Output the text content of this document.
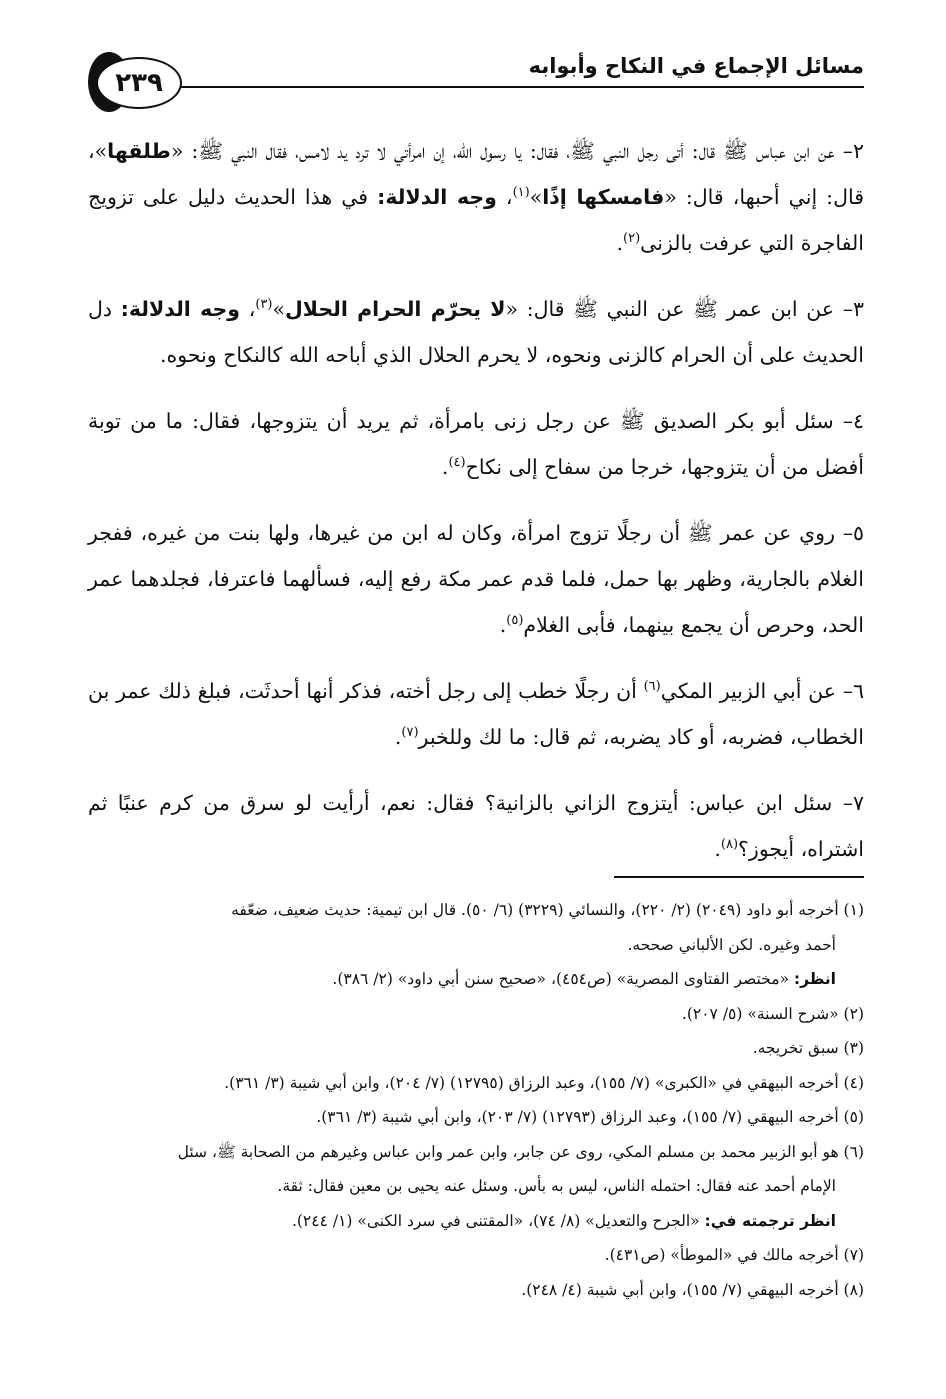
مسائل الإجماع في النكاح وأبوابه
٢٣٩

٢– عن ابن عباس ﷺ قال: أتى رجل النبي ﷺ، فقال: يا رسول الله، إن امرأتي لا ترد يد لامس، فقال النبي ﷺ: «طلقها»، قال: إني أحبها، قال: «فامسكها إذًا»$^{(١)}$، وجه الدلالة: في هذا الحديث دليل على تزويج الفاجرة التي عرفت بالزنى$^{(٢)}$.

٣– عن ابن عمر ﷺ عن النبي ﷺ قال: «لا يحرّم الحرام الحلال»$^{(٣)}$، وجه الدلالة: دل الحديث على أن الحرام كالزنى ونحوه، لا يحرم الحلال الذي أباحه الله كالنكاح ونحوه.

٤– سئل أبو بكر الصديق ﷺ عن رجل زنى بامرأة، ثم يريد أن يتزوجها، فقال: ما من توبة أفضل من أن يتزوجها، خرجا من سفاح إلى نكاح$^{(٤)}$.

٥– روي عن عمر ﷺ أن رجلًا تزوج امرأة، وكان له ابن من غيرها، ولها بنت من غيره، ففجر الغلام بالجارية، وظهر بها حمل، فلما قدم عمر مكة رفع إليه، فسألهما فاعترفا، فجلدهما عمر الحد، وحرص أن يجمع بينهما، فأبى الغلام$^{(٥)}$.

٦– عن أبي الزبير المكي$^{(٦)}$ أن رجلًا خطب إلى رجل أخته، فذكر أنها أحدثَت، فبلغ ذلك عمر بن الخطاب، فضربه، أو كاد يضربه، ثم قال: ما لك وللخبر$^{(٧)}$.

٧– سئل ابن عباس: أيتزوج الزاني بالزانية؟ فقال: نعم، أرأيت لو سرق من كرم عنبًا ثم اشتراه، أيجوز؟$^{(٨)}$.

(١) أخرجه أبو داود (٢٠٤٩) (٢/ ٢٢٠)، والنسائي (٣٢٢٩) (٦/ ٥٠). قال ابن تيمية: حديث ضعيف، ضعّفه
أحمد وغيره. لكن الألباني صححه.
انظر: «مختصر الفتاوى المصرية» (ص٤٥٤)، «صحيح سنن أبي داود» (٢/ ٣٨٦).
(٢) «شرح السنة» (٥/ ٢٠٧).
(٣) سبق تخريجه.
(٤) أخرجه البيهقي في «الكبرى» (٧/ ١٥٥)، وعبد الرزاق (١٢٧٩٥) (٧/ ٢٠٤)، وابن أبي شيبة (٣/ ٣٦١).
(٥) أخرجه البيهقي (٧/ ١٥٥)، وعبد الرزاق (١٢٧٩٣) (٧/ ٢٠٣)، وابن أبي شيبة (٣/ ٣٦١).
(٦) هو أبو الزبير محمد بن مسلم المكي، روى عن جابر، وابن عمر وابن عباس وغيرهم من الصحابة ﷺ، سئل
الإمام أحمد عنه فقال: احتمله الناس، ليس به بأس. وسئل عنه يحيى بن معين فقال: ثقة.
انظر ترجمته في: «الجرح والتعديل» (٨/ ٧٤)، «المقتنى في سرد الكنى» (١/ ٢٤٤).
(٧) أخرجه مالك في «الموطأ» (ص٤٣١).
(٨) أخرجه البيهقي (٧/ ١٥٥)، وابن أبي شيبة (٤/ ٢٤٨).
